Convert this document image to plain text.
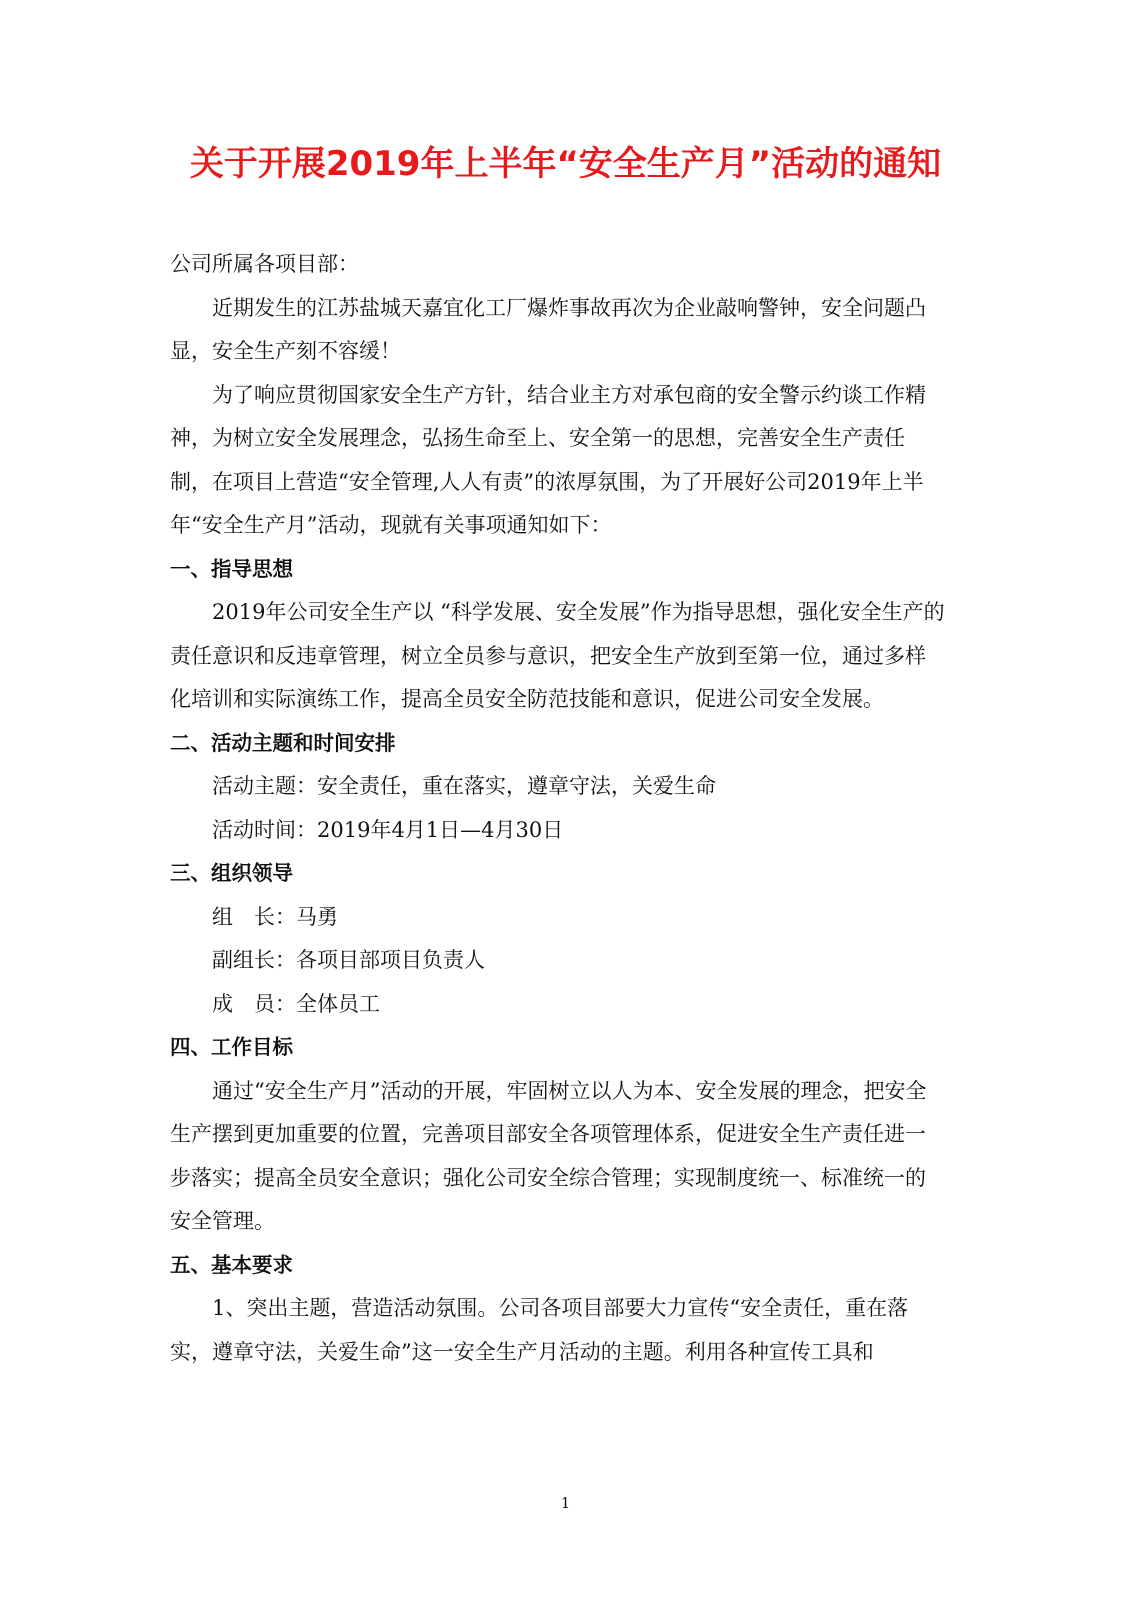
关于开展2019年上半年“安全生产月”活动的通知

公司所属各项目部：

近期发生的江苏盐城天嘉宜化工厂爆炸事故再次为企业敲响警钟，安全问题凸显，安全生产刻不容缓！

为了响应贯彻国家安全生产方针，结合业主方对承包商的安全警示约谈工作精神，为树立安全发展理念，弘扬生命至上、安全第一的思想，完善安全生产责任制，在项目上营造“安全管理,人人有责”的浓厚氛围，为了开展好公司2019年上半年“安全生产月”活动，现就有关事项通知如下：

一、指导思想

2019年公司安全生产以 “科学发展、安全发展”作为指导思想，强化安全生产的责任意识和反违章管理，树立全员参与意识，把安全生产放到至第一位，通过多样化培训和实际演练工作，提高全员安全防范技能和意识，促进公司安全发展。

二、活动主题和时间安排

活动主题：安全责任，重在落实，遵章守法，关爱生命

活动时间：2019年4月1日—4月30日

三、组织领导

组　长：马勇

副组长：各项目部项目负责人

成　员：全体员工

四、工作目标

通过“安全生产月”活动的开展，牢固树立以人为本、安全发展的理念，把安全生产摆到更加重要的位置，完善项目部安全各项管理体系，促进安全生产责任进一步落实；提高全员安全意识；强化公司安全综合管理；实现制度统一、标准统一的安全管理。

五、基本要求

1、突出主题，营造活动氛围。公司各项目部要大力宣传“安全责任，重在落实，遵章守法，关爱生命”这一安全生产月活动的主题。利用各种宣传工具和

1
